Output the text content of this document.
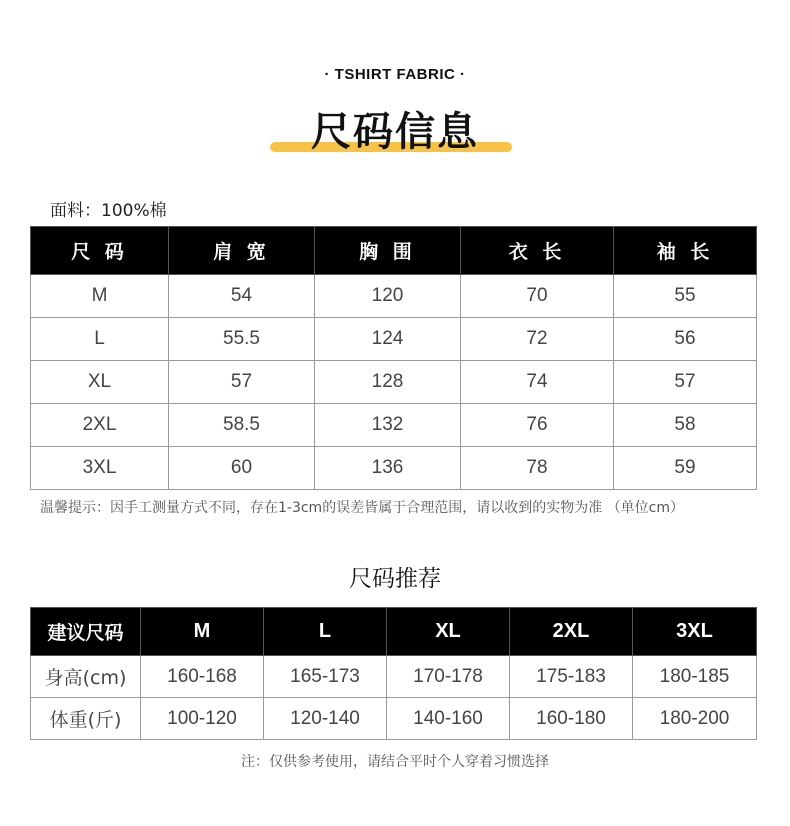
· TSHIRT FABRIC ·
尺码信息
面料：100%棉
尺 码	肩 宽	胸 围	衣 长	袖 长
M	54	120	70	55
L	55.5	124	72	56
XL	57	128	74	57
2XL	58.5	132	76	58
3XL	60	136	78	59
温馨提示：因手工测量方式不同，存在1-3cm的误差皆属于合理范围，请以收到的实物为准 （单位cm）
尺码推荐
建议尺码	M	L	XL	2XL	3XL
身高(cm)	160-168	165-173	170-178	175-183	180-185
体重(斤)	100-120	120-140	140-160	160-180	180-200
注：仅供参考使用，请结合平时个人穿着习惯选择
